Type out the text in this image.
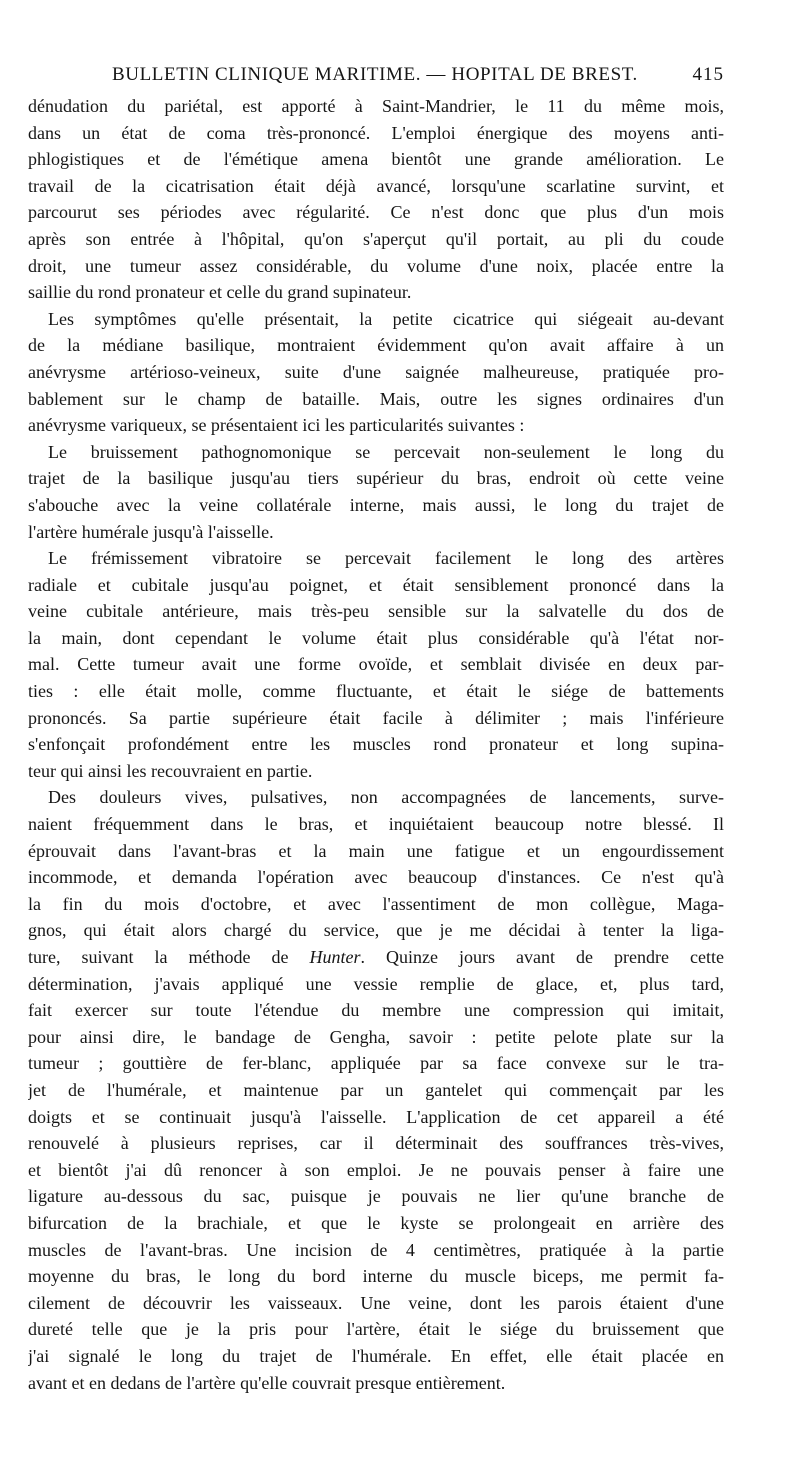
BULLETIN CLINIQUE MARITIME. — HOPITAL DE BREST.	415
dénudation du pariétal, est apporté à Saint-Mandrier, le 11 du même mois,
dans un état de coma très-prononcé. L'emploi énergique des moyens anti-
phlogistiques et de l'émétique amena bientôt une grande amélioration. Le
travail de la cicatrisation était déjà avancé, lorsqu'une scarlatine survint, et
parcourut ses périodes avec régularité. Ce n'est donc que plus d'un mois
après son entrée à l'hôpital, qu'on s'aperçut qu'il portait, au pli du coude
droit, une tumeur assez considérable, du volume d'une noix, placée entre la
saillie du rond pronateur et celle du grand supinateur.
Les symptômes qu'elle présentait, la petite cicatrice qui siégeait au-devant
de la médiane basilique, montraient évidemment qu'on avait affaire à un
anévrysme artérioso-veineux, suite d'une saignée malheureuse, pratiquée pro-
bablement sur le champ de bataille. Mais, outre les signes ordinaires d'un
anévrysme variqueux, se présentaient ici les particularités suivantes :
Le bruissement pathognomonique se percevait non-seulement le long du
trajet de la basilique jusqu'au tiers supérieur du bras, endroit où cette veine
s'abouche avec la veine collatérale interne, mais aussi, le long du trajet de
l'artère humérale jusqu'à l'aisselle.
Le frémissement vibratoire se percevait facilement le long des artères
radiale et cubitale jusqu'au poignet, et était sensiblement prononcé dans la
veine cubitale antérieure, mais très-peu sensible sur la salvatelle du dos de
la main, dont cependant le volume était plus considérable qu'à l'état nor-
mal. Cette tumeur avait une forme ovoïde, et semblait divisée en deux par-
ties : elle était molle, comme fluctuante, et était le siége de battements
prononcés. Sa partie supérieure était facile à délimiter ; mais l'inférieure
s'enfonçait profondément entre les muscles rond pronateur et long supina-
teur qui ainsi les recouvraient en partie.
Des douleurs vives, pulsatives, non accompagnées de lancements, surve-
naient fréquemment dans le bras, et inquiétaient beaucoup notre blessé. Il
éprouvait dans l'avant-bras et la main une fatigue et un engourdissement
incommode, et demanda l'opération avec beaucoup d'instances. Ce n'est qu'à
la fin du mois d'octobre, et avec l'assentiment de mon collègue, Maga-
gnos, qui était alors chargé du service, que je me décidai à tenter la liga-
ture, suivant la méthode de Hunter. Quinze jours avant de prendre cette
détermination, j'avais appliqué une vessie remplie de glace, et, plus tard,
fait exercer sur toute l'étendue du membre une compression qui imitait,
pour ainsi dire, le bandage de Gengha, savoir : petite pelote plate sur la
tumeur ; gouttière de fer-blanc, appliquée par sa face convexe sur le tra-
jet de l'humérale, et maintenue par un gantelet qui commençait par les
doigts et se continuait jusqu'à l'aisselle. L'application de cet appareil a été
renouvelé à plusieurs reprises, car il déterminait des souffrances très-vives,
et bientôt j'ai dû renoncer à son emploi. Je ne pouvais penser à faire une
ligature au-dessous du sac, puisque je pouvais ne lier qu'une branche de
bifurcation de la brachiale, et que le kyste se prolongeait en arrière des
muscles de l'avant-bras. Une incision de 4 centimètres, pratiquée à la partie
moyenne du bras, le long du bord interne du muscle biceps, me permit fa-
cilement de découvrir les vaisseaux. Une veine, dont les parois étaient d'une
dureté telle que je la pris pour l'artère, était le siége du bruissement que
j'ai signalé le long du trajet de l'humérale. En effet, elle était placée en
avant et en dedans de l'artère qu'elle couvrait presque entièrement.
